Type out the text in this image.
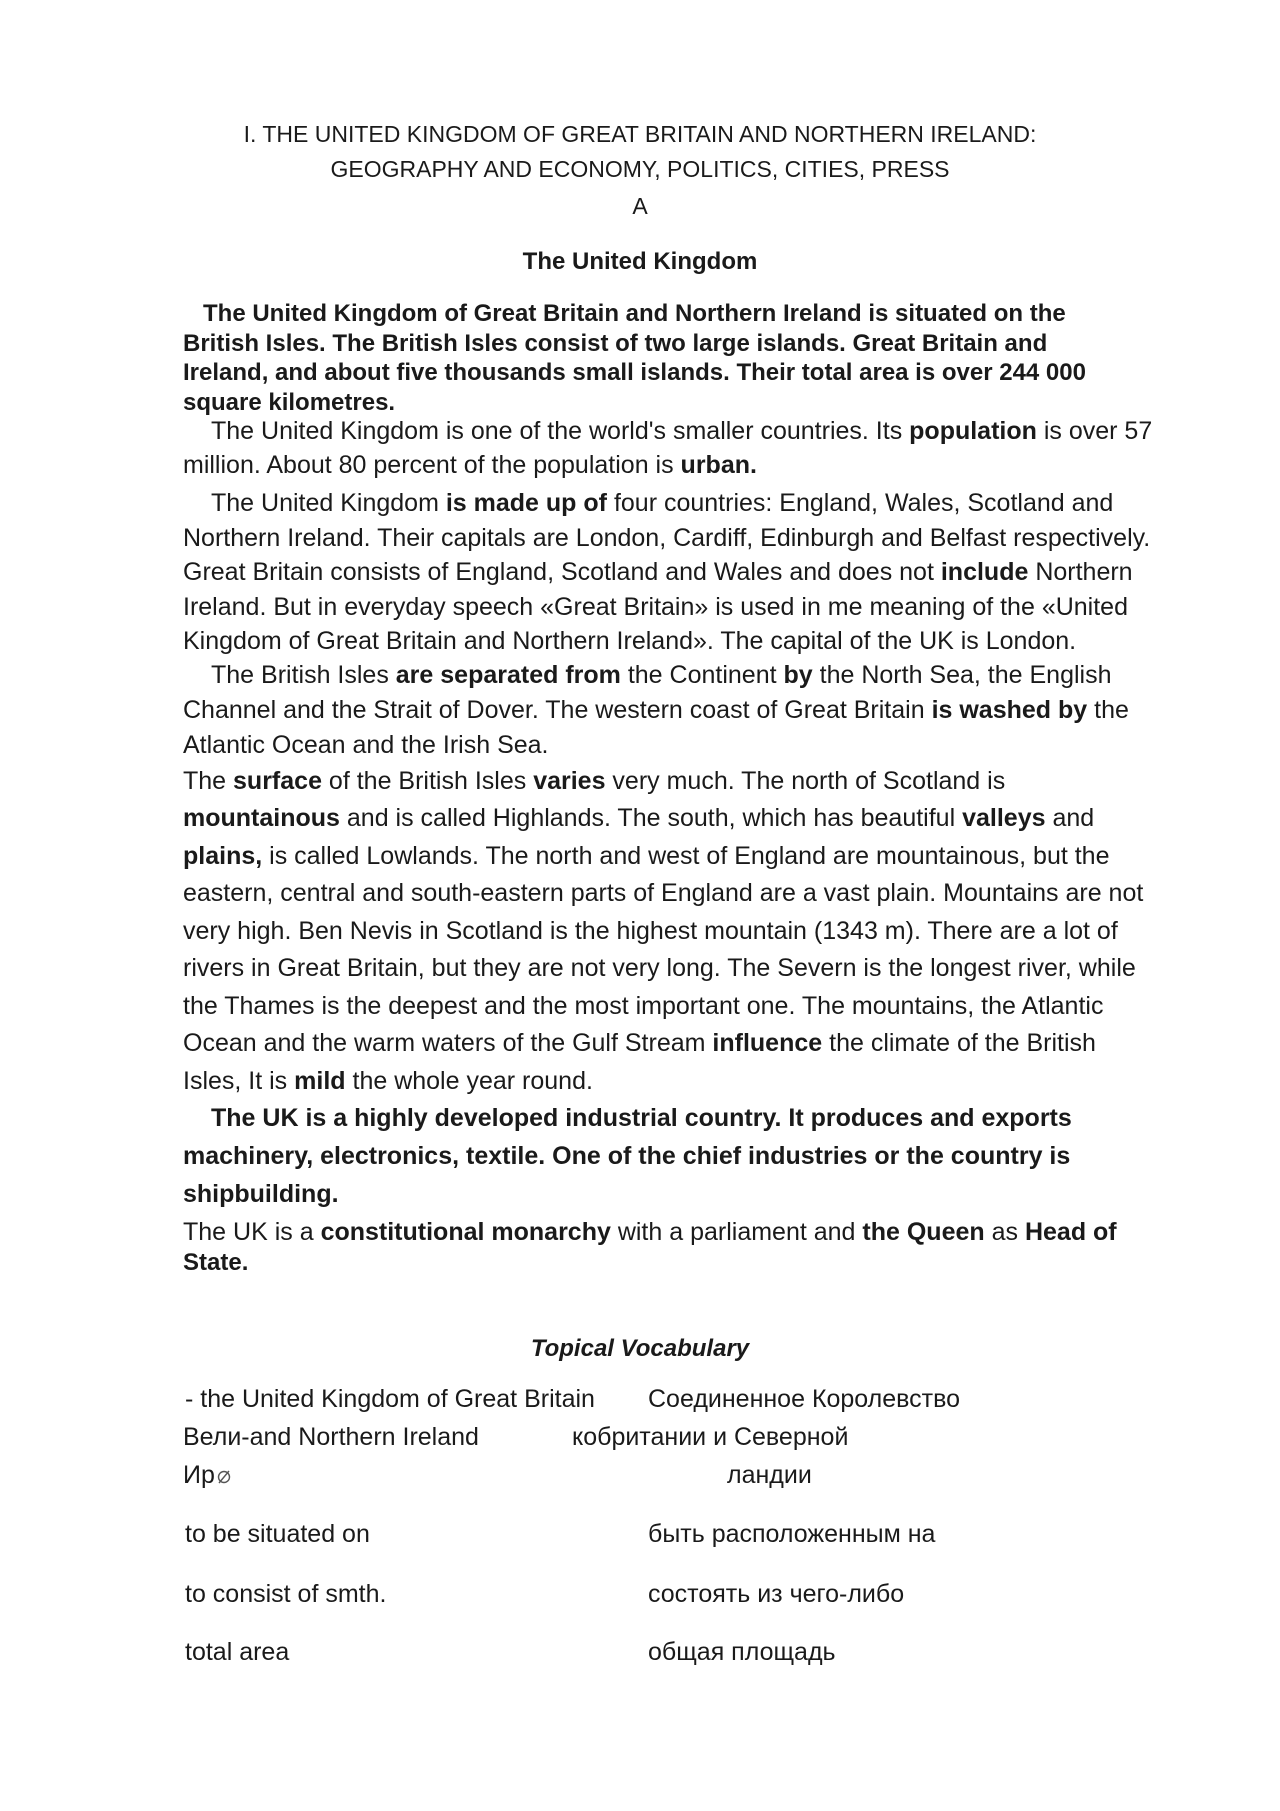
I. THE UNITED KINGDOM OF GREAT BRITAIN AND NORTHERN IRELAND:
GEOGRAPHY AND ECONOMY, POLITICS, CITIES, PRESS
A
The United Kingdom
The United Kingdom of Great Britain and Northern Ireland is situated on the
British Isles. The British Isles consist of two large islands. Great Britain and
Ireland, and about five thousands small islands. Their total area is over 244 000
square kilometres.
The United Kingdom is one of the world's smaller countries. Its population is over 57
million. About 80 percent of the population is urban.
The United Kingdom is made up of four countries: England, Wales, Scotland and
Northern Ireland. Their capitals are London, Cardiff, Edinburgh and Belfast respectively.
Great Britain consists of England, Scotland and Wales and does not include Northern
Ireland. But in everyday speech «Great Britain» is used in me meaning of the «United
Kingdom of Great Britain and Northern Ireland». The capital of the UK is London.
The British Isles are separated from the Continent by the North Sea, the English
Channel and the Strait of Dover. The western coast of Great Britain is washed by the
Atlantic Ocean and the Irish Sea.
The surface of the British Isles varies very much. The north of Scotland is
mountainous and is called Highlands. The south, which has beautiful valleys and
plains, is called Lowlands. The north and west of England are mountainous, but the
eastern, central and south-eastern parts of England are a vast plain. Mountains are not
very high. Ben Nevis in Scotland is the highest mountain (1343 m). There are a lot of
rivers in Great Britain, but they are not very long. The Severn is the longest river, while
the Thames is the deepest and the most important one. The mountains, the Atlantic
Ocean and the warm waters of the Gulf Stream influence the climate of the British
Isles, It is mild the whole year round.
The UK is a highly developed industrial country. It produces and exports
machinery, electronics, textile. One of the chief industries or the country is
shipbuilding.
The UK is a constitutional monarchy with a parliament and the Queen as Head of
State.
Topical Vocabulary
- the United Kingdom of Great Britain	Соединенное Королевство
Вели-and Northern Ireland	кобритании и Северной
Ир	ландии
to be situated on	быть расположенным на
to consist of smth.	состоять из чего-либо
total area	общая площадь
